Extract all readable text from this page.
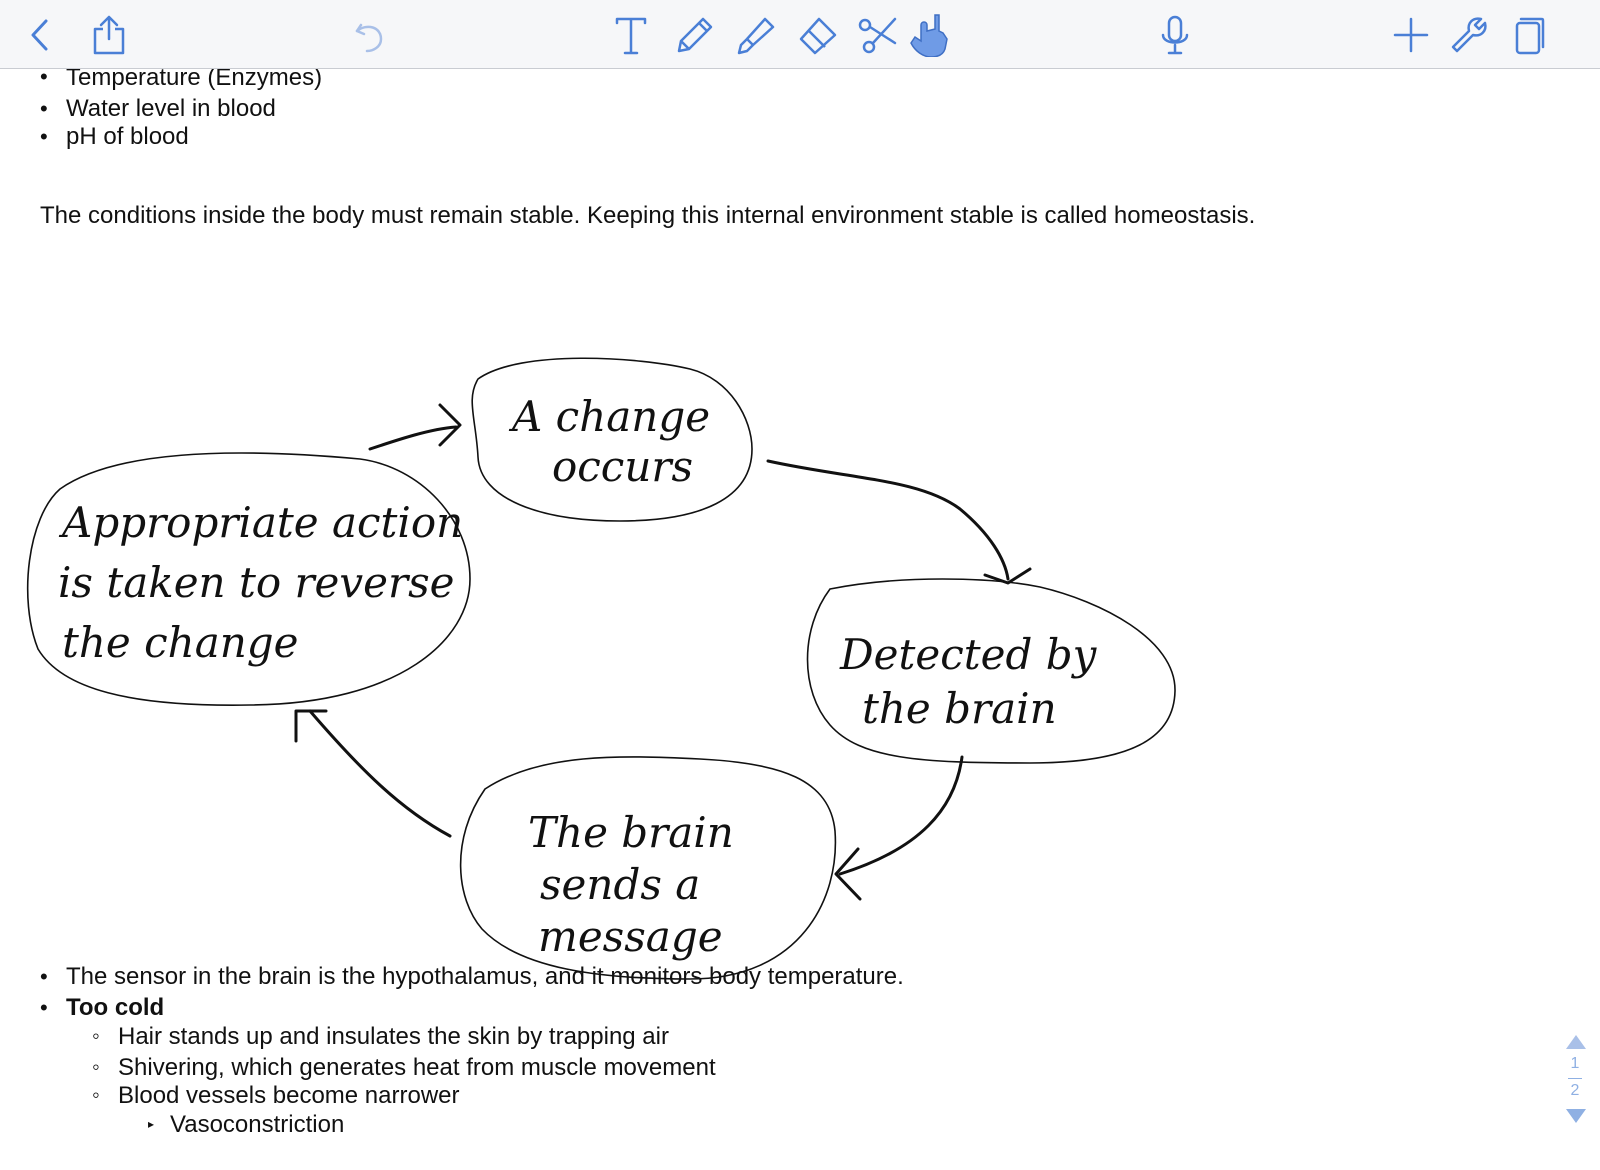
• Temperature (Enzymes)
• Water level in blood
• pH of blood
The conditions inside the body must remain stable. Keeping this internal environment stable is called homeostasis.
A change
occurs
Detected by
the brain
The brain
sends a
message
Appropriate action
is taken to reverse
the change
• The sensor in the brain is the hypothalamus, and it monitors body temperature.
• Too cold
◦ Hair stands up and insulates the skin by trapping air
◦ Shivering, which generates heat from muscle movement
◦ Blood vessels become narrower
▸ Vasoconstriction
1
2
